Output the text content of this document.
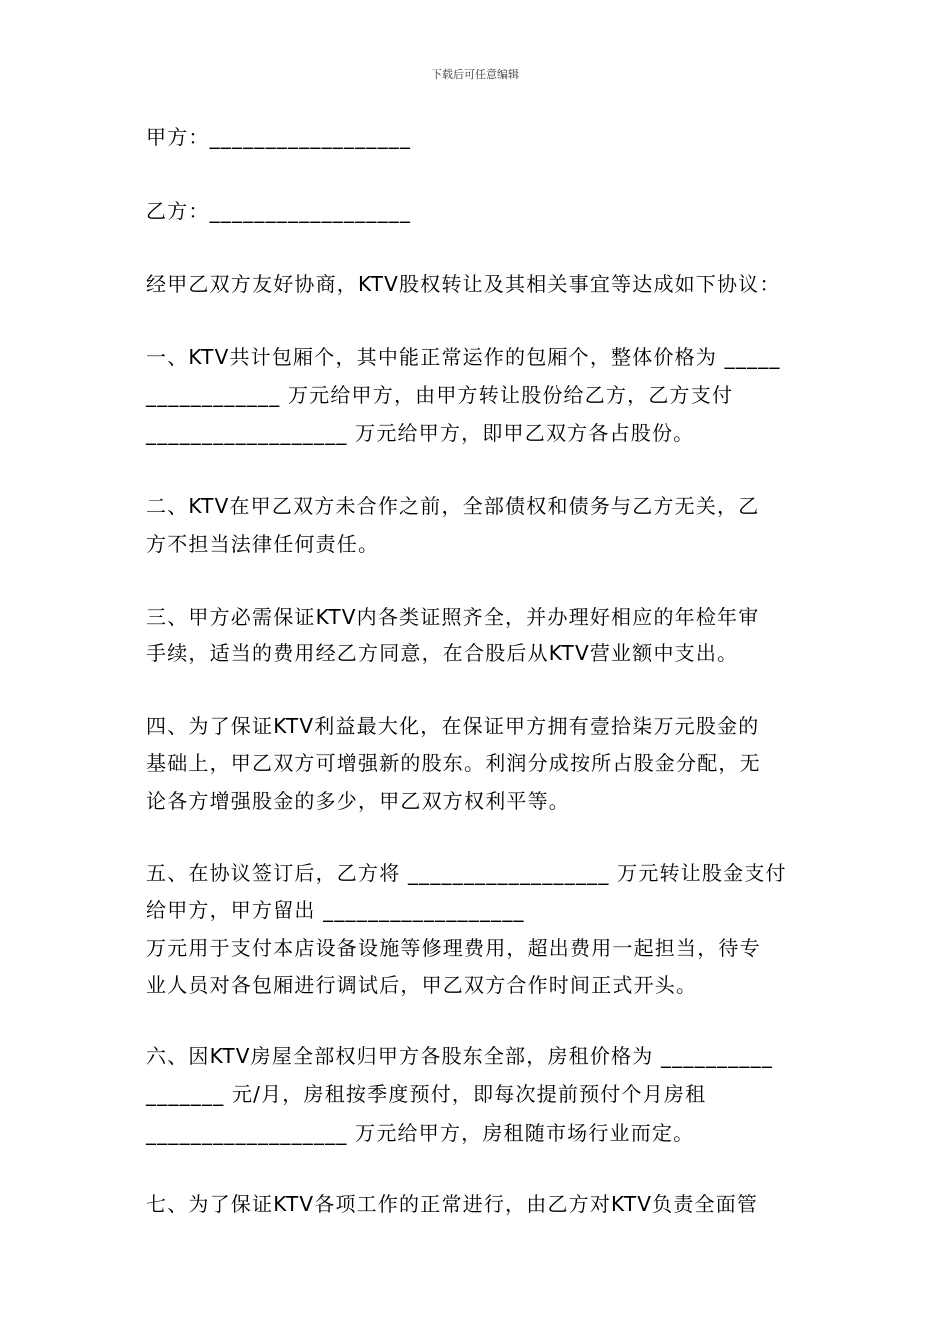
下载后可任意编辑
甲方：__________________
乙方：__________________
经甲乙双方友好协商，KTV股权转让及其相关事宜等达成如下协议：
一、KTV共计包厢个，其中能正常运作的包厢个，整体价格为 _____
____________ 万元给甲方，由甲方转让股份给乙方，乙方支付
__________________ 万元给甲方，即甲乙双方各占股份。
二、KTV在甲乙双方未合作之前，全部债权和债务与乙方无关，乙
方不担当法律任何责任。
三、甲方必需保证KTV内各类证照齐全，并办理好相应的年检年审
手续，适当的费用经乙方同意，在合股后从KTV营业额中支出。
四、为了保证KTV利益最大化，在保证甲方拥有壹拾柒万元股金的
基础上，甲乙双方可增强新的股东。利润分成按所占股金分配，无
论各方增强股金的多少，甲乙双方权利平等。
五、在协议签订后，乙方将 __________________ 万元转让股金支付
给甲方，甲方留出 __________________
万元用于支付本店设备设施等修理费用，超出费用一起担当，待专
业人员对各包厢进行调试后，甲乙双方合作时间正式开头。
六、因KTV房屋全部权归甲方各股东全部，房租价格为 __________
_______ 元/月，房租按季度预付，即每次提前预付个月房租
__________________ 万元给甲方，房租随市场行业而定。
七、为了保证KTV各项工作的正常进行，由乙方对KTV负责全面管
